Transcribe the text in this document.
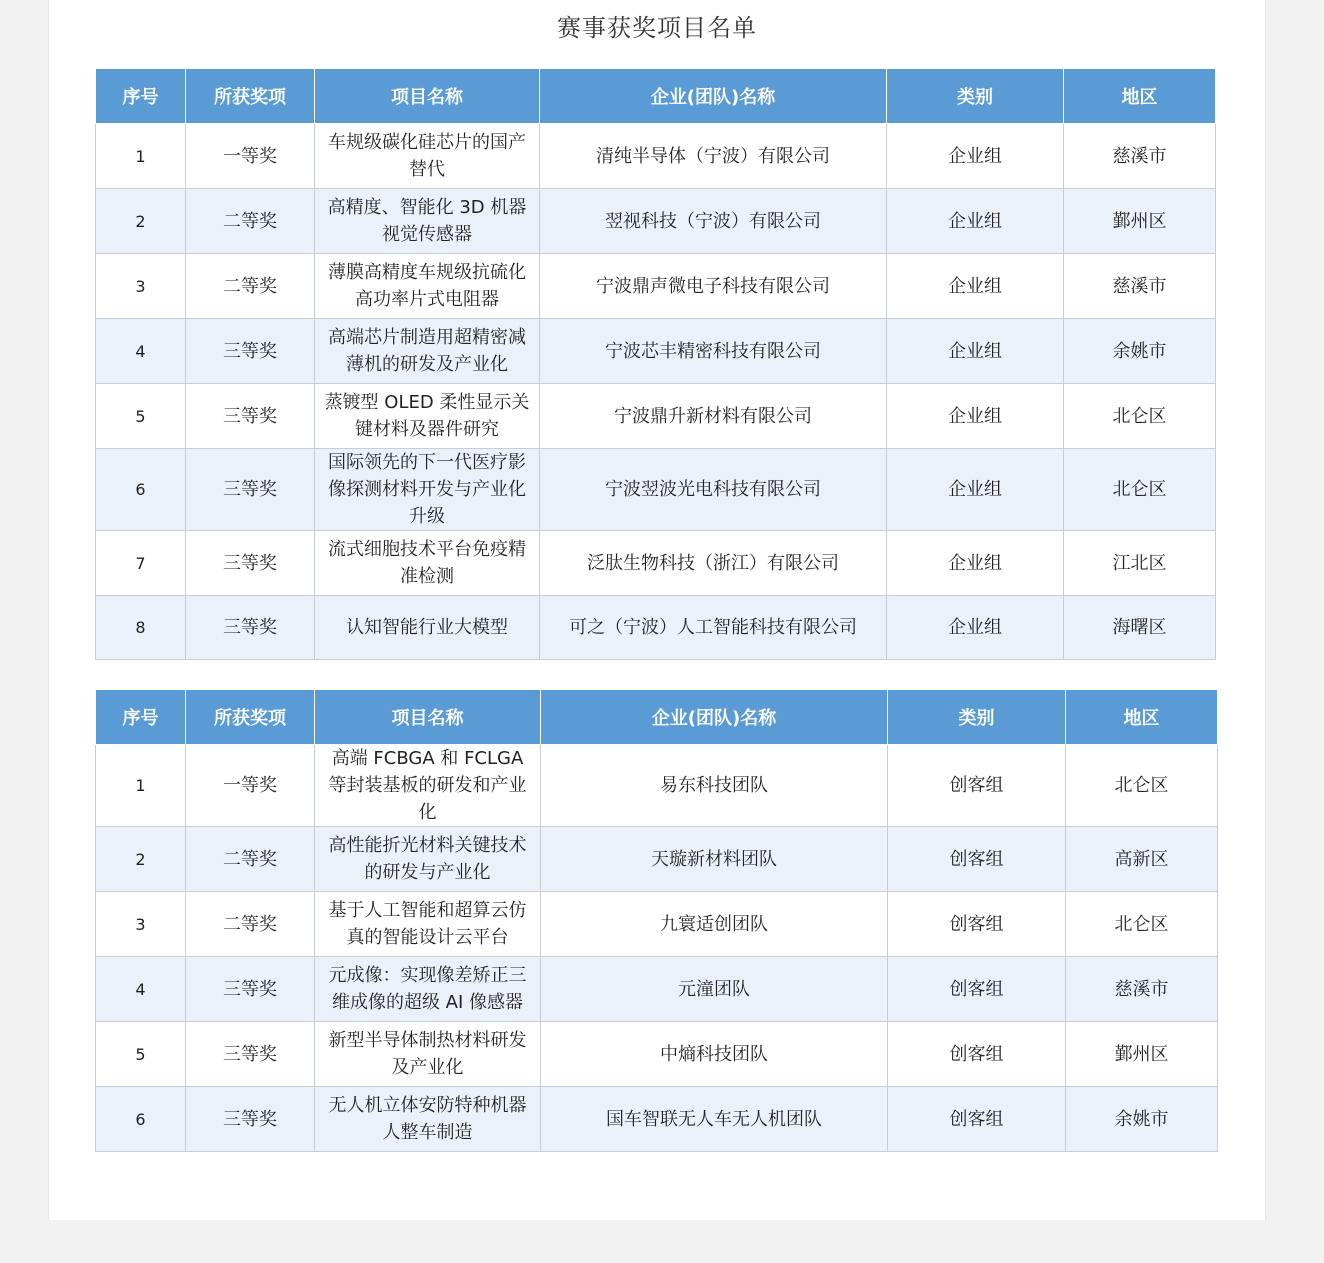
赛事获奖项目名单
序号	所获奖项	项目名称	企业(团队)名称	类别	地区
1	一等奖	车规级碳化硅芯片的国产替代	清纯半导体（宁波）有限公司	企业组	慈溪市
2	二等奖	高精度、智能化 3D 机器视觉传感器	翌视科技（宁波）有限公司	企业组	鄞州区
3	二等奖	薄膜高精度车规级抗硫化高功率片式电阻器	宁波鼎声微电子科技有限公司	企业组	慈溪市
4	三等奖	高端芯片制造用超精密减薄机的研发及产业化	宁波芯丰精密科技有限公司	企业组	余姚市
5	三等奖	蒸镀型 OLED 柔性显示关键材料及器件研究	宁波鼎升新材料有限公司	企业组	北仑区
6	三等奖	国际领先的下一代医疗影像探测材料开发与产业化升级	宁波翌波光电科技有限公司	企业组	北仑区
7	三等奖	流式细胞技术平台免疫精准检测	泛肽生物科技（浙江）有限公司	企业组	江北区
8	三等奖	认知智能行业大模型	可之（宁波）人工智能科技有限公司	企业组	海曙区
序号	所获奖项	项目名称	企业(团队)名称	类别	地区
1	一等奖	高端 FCBGA 和 FCLGA 等封装基板的研发和产业化	易东科技团队	创客组	北仑区
2	二等奖	高性能折光材料关键技术的研发与产业化	天璇新材料团队	创客组	高新区
3	二等奖	基于人工智能和超算云仿真的智能设计云平台	九寰适创团队	创客组	北仑区
4	三等奖	元成像：实现像差矫正三维成像的超级 AI 像感器	元潼团队	创客组	慈溪市
5	三等奖	新型半导体制热材料研发及产业化	中熵科技团队	创客组	鄞州区
6	三等奖	无人机立体安防特种机器人整车制造	国车智联无人车无人机团队	创客组	余姚市
